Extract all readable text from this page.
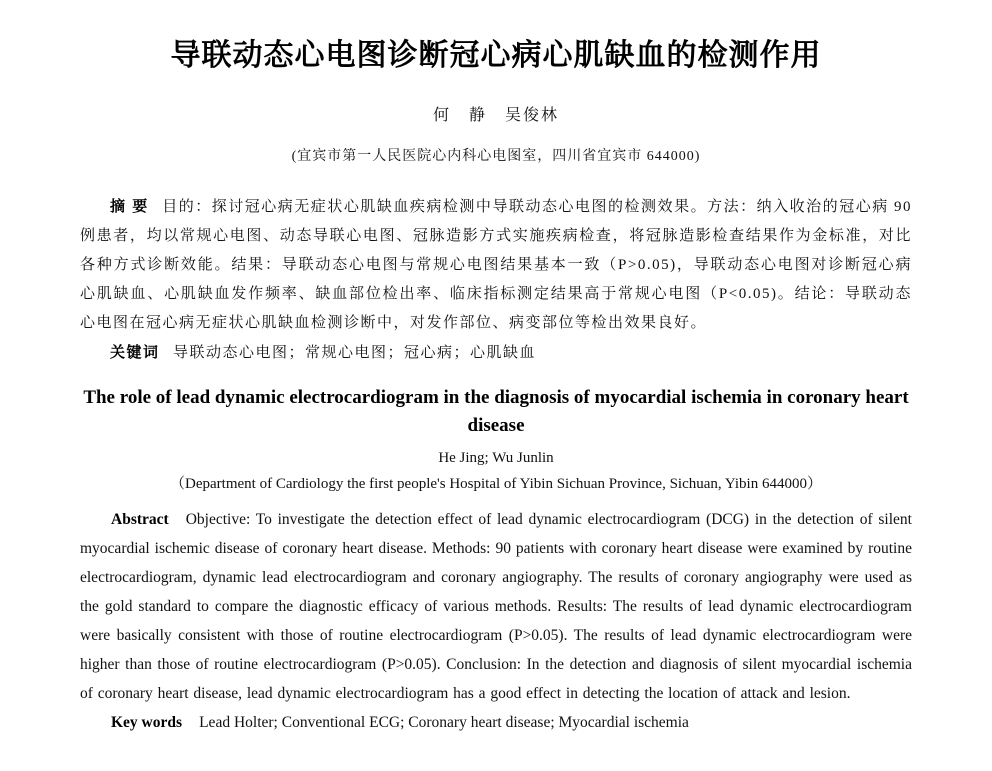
导联动态心电图诊断冠心病心肌缺血的检测作用
何　静　吴俊林
(宜宾市第一人民医院心内科心电图室，四川省宜宾市 644000)

摘 要 目的：探讨冠心病无症状心肌缺血疾病检测中导联动态心电图的检测效果。方法：纳入收治的冠心病 90 例患者，均以常规心电图、动态导联心电图、冠脉造影方式实施疾病检查，将冠脉造影检查结果作为金标准，对比各种方式诊断效能。结果：导联动态心电图与常规心电图结果基本一致（P>0.05)，导联动态心电图对诊断冠心病心肌缺血、心肌缺血发作频率、缺血部位检出率、临床指标测定结果高于常规心电图（P<0.05)。结论：导联动态心电图在冠心病无症状心肌缺血检测诊断中，对发作部位、病变部位等检出效果良好。

关键词 导联动态心电图；常规心电图；冠心病；心肌缺血

The role of lead dynamic electrocardiogram in the diagnosis of myocardial ischemia in coronary heart disease
He Jing; Wu Junlin
（Department of Cardiology the first people's Hospital of Yibin Sichuan Province, Sichuan, Yibin 644000）

Abstract Objective: To investigate the detection effect of lead dynamic electrocardiogram (DCG) in the detection of silent myocardial ischemic disease of coronary heart disease. Methods: 90 patients with coronary heart disease were examined by routine electrocardiogram, dynamic lead electrocardiogram and coronary angiography. The results of coronary angiography were used as the gold standard to compare the diagnostic efficacy of various methods. Results: The results of lead dynamic electrocardiogram were basically consistent with those of routine electrocardiogram (P>0.05). The results of lead dynamic electrocardiogram were higher than those of routine electrocardiogram (P>0.05). Conclusion: In the detection and diagnosis of silent myocardial ischemia of coronary heart disease, lead dynamic electrocardiogram has a good effect in detecting the location of attack and lesion.

Key words Lead Holter; Conventional ECG; Coronary heart disease; Myocardial ischemia
